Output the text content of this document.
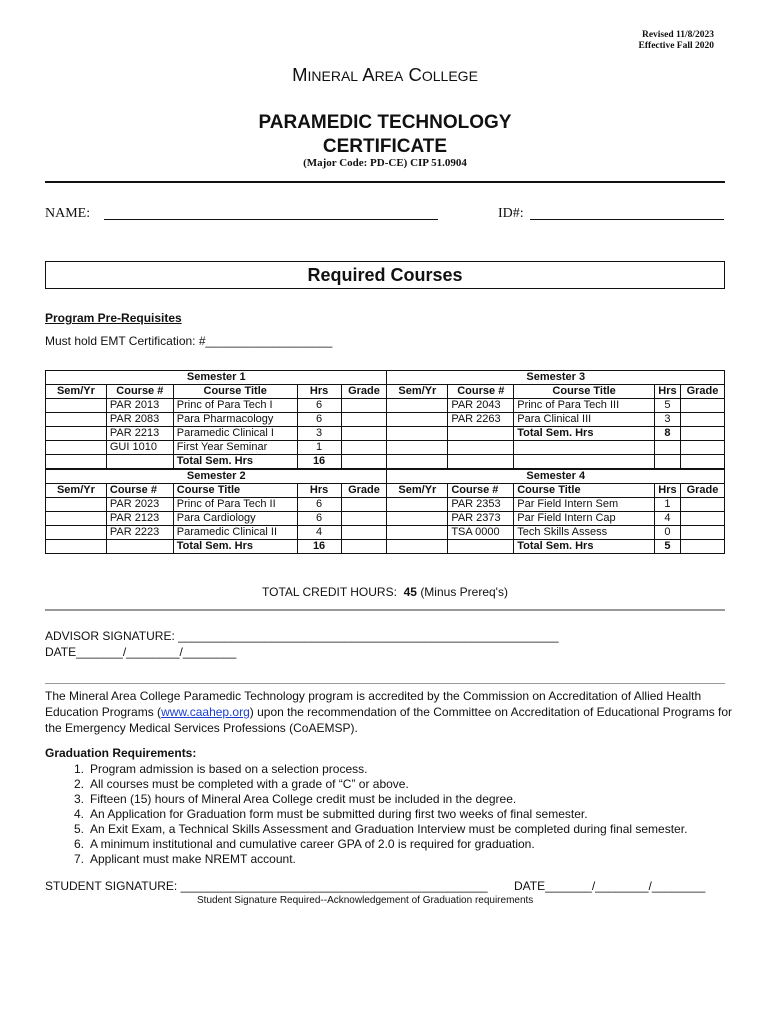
Revised 11/8/2023
Effective Fall 2020
MINERAL AREA COLLEGE
PARAMEDIC TECHNOLOGY
CERTIFICATE
(Major Code: PD-CE) CIP 51.0904
NAME:	ID#:
Required Courses
Program Pre-Requisites
Must hold EMT Certification: #___________________
Semester 1					Semester 3				
Sem/Yr	Course #	Course Title	Hrs	Grade	Sem/Yr	Course #	Course Title	Hrs	Grade
	PAR 2013	Princ of Para Tech I	6			PAR 2043	Princ of Para Tech III	5	
	PAR 2083	Para Pharmacology	6			PAR 2263	Para Clinical III	3	
	PAR 2213	Paramedic Clinical I	3				Total Sem. Hrs	8	
	GUI 1010	First Year Seminar	1						
		Total Sem. Hrs	16						
Semester 2					Semester 4				
Sem/Yr	Course #	Course Title	Hrs	Grade	Sem/Yr	Course #	Course Title	Hrs	Grade
	PAR 2023	Princ of Para Tech II	6			PAR 2353	Par Field Intern Sem	1	
	PAR 2123	Para Cardiology	6			PAR 2373	Par Field Intern Cap	4	
	PAR 2223	Paramedic Clinical II	4			TSA 0000	Tech Skills Assess	0	
		Total Sem. Hrs	16				Total Sem. Hrs	5	
TOTAL CREDIT HOURS: 45 (Minus Prereq's)
ADVISOR SIGNATURE: _________________________________________________________
DATE_______/________/________
The Mineral Area College Paramedic Technology program is accredited by the Commission on Accreditation of Allied Health Education Programs (www.caahep.org) upon the recommendation of the Committee on Accreditation of Educational Programs for the Emergency Medical Services Professions (CoAEMSP).
Graduation Requirements:
1. Program admission is based on a selection process.
2. All courses must be completed with a grade of “C” or above.
3. Fifteen (15) hours of Mineral Area College credit must be included in the degree.
4. An Application for Graduation form must be submitted during first two weeks of final semester.
5. An Exit Exam, a Technical Skills Assessment and Graduation Interview must be completed during final semester.
6. A minimum institutional and cumulative career GPA of 2.0 is required for graduation.
7. Applicant must make NREMT account.
STUDENT SIGNATURE: ______________________________________________ DATE_______/________/________
Student Signature Required--Acknowledgement of Graduation requirements
